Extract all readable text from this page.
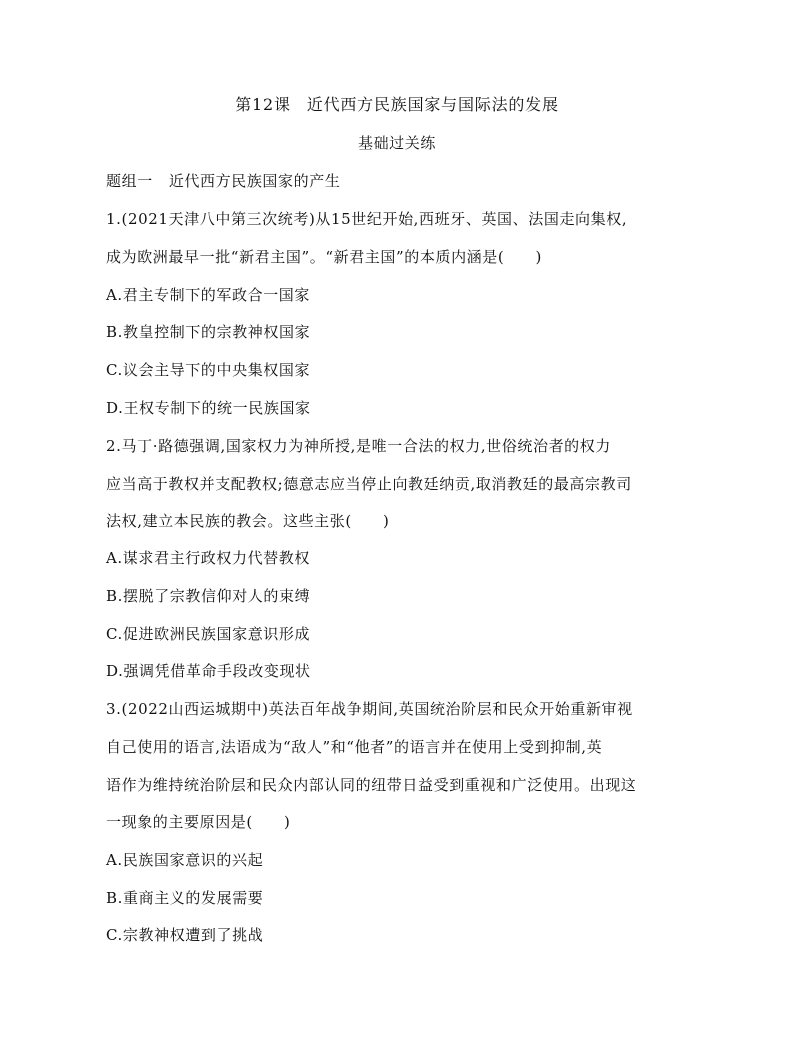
第12课 近代西方民族国家与国际法的发展
基础过关练
题组一 近代西方民族国家的产生
1.(2021天津八中第三次统考)从15世纪开始,西班牙、英国、法国走向集权,
成为欧洲最早一批“新君主国”。“新君主国”的本质内涵是(　　)
A.君主专制下的军政合一国家
B.教皇控制下的宗教神权国家
C.议会主导下的中央集权国家
D.王权专制下的统一民族国家
2.马丁·路德强调,国家权力为神所授,是唯一合法的权力,世俗统治者的权力
应当高于教权并支配教权;德意志应当停止向教廷纳贡,取消教廷的最高宗教司
法权,建立本民族的教会。这些主张(　　)
A.谋求君主行政权力代替教权
B.摆脱了宗教信仰对人的束缚
C.促进欧洲民族国家意识形成
D.强调凭借革命手段改变现状
3.(2022山西运城期中)英法百年战争期间,英国统治阶层和民众开始重新审视
自己使用的语言,法语成为“敌人”和“他者”的语言并在使用上受到抑制,英
语作为维持统治阶层和民众内部认同的纽带日益受到重视和广泛使用。出现这
一现象的主要原因是(　　)
A.民族国家意识的兴起
B.重商主义的发展需要
C.宗教神权遭到了挑战
